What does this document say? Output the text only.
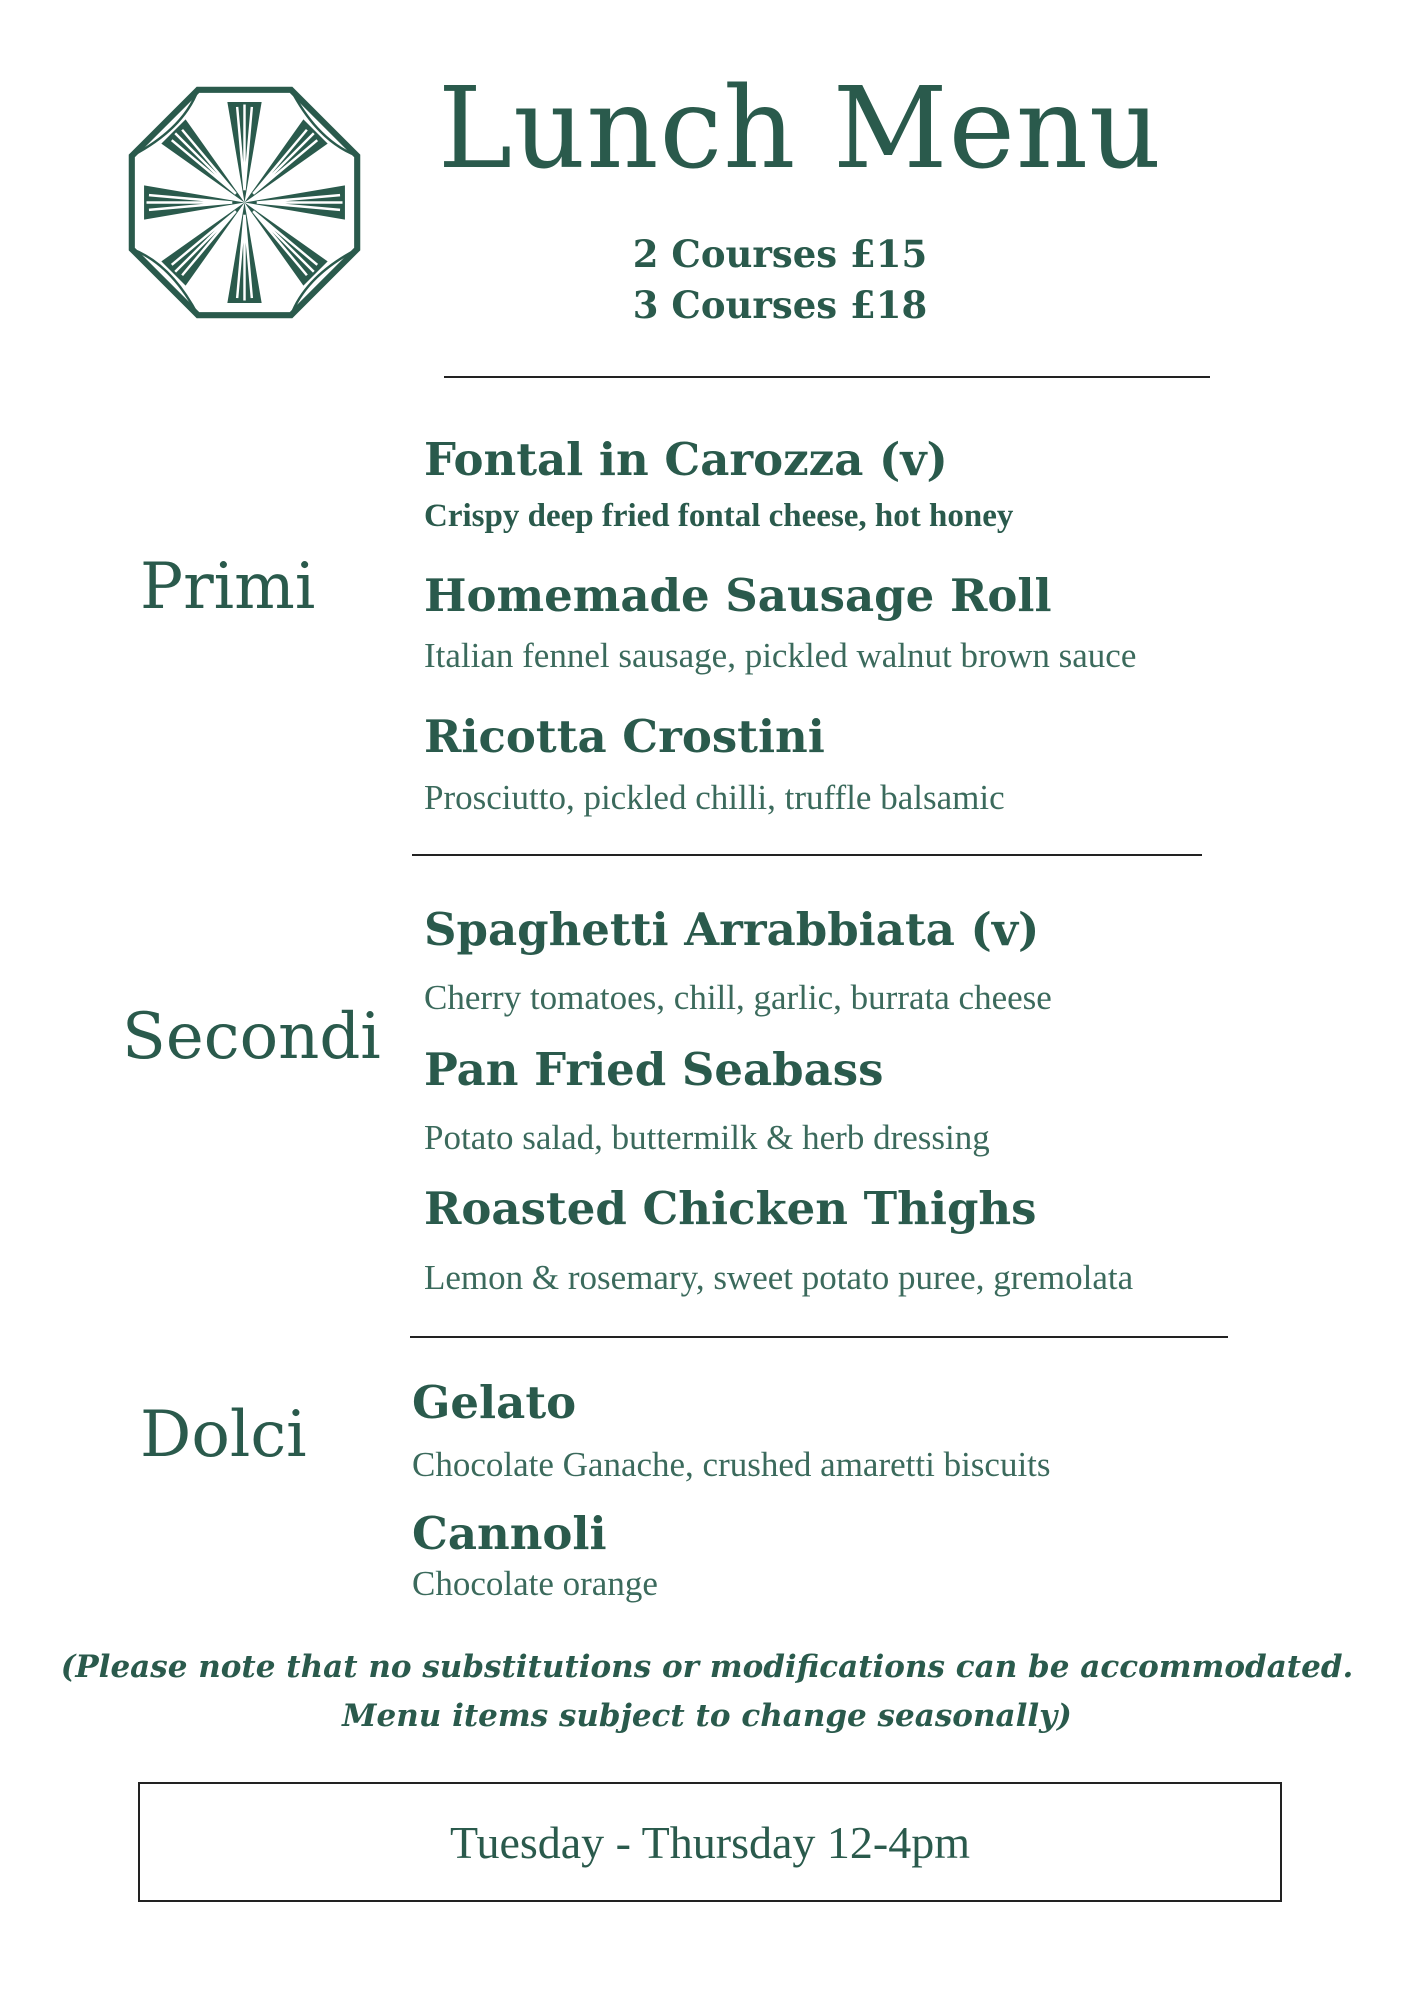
Lunch Menu
2 Courses £15
3 Courses £18
Primi
Fontal in Carozza (v)
Crispy deep fried fontal cheese, hot honey
Homemade Sausage Roll
Italian fennel sausage, pickled walnut brown sauce
Ricotta Crostini
Prosciutto, pickled chilli, truffle balsamic
Secondi
Spaghetti Arrabbiata (v)
Cherry tomatoes, chill, garlic, burrata cheese
Pan Fried Seabass
Potato salad, buttermilk & herb dressing
Roasted Chicken Thighs
Lemon & rosemary, sweet potato puree, gremolata
Dolci Gelato
Chocolate Ganache, crushed amaretti biscuits
Cannoli
Chocolate orange
(Please note that no substitutions or modifications can be accommodated.
Menu items subject to change seasonally)
Tuesday - Thursday 12-4pm
